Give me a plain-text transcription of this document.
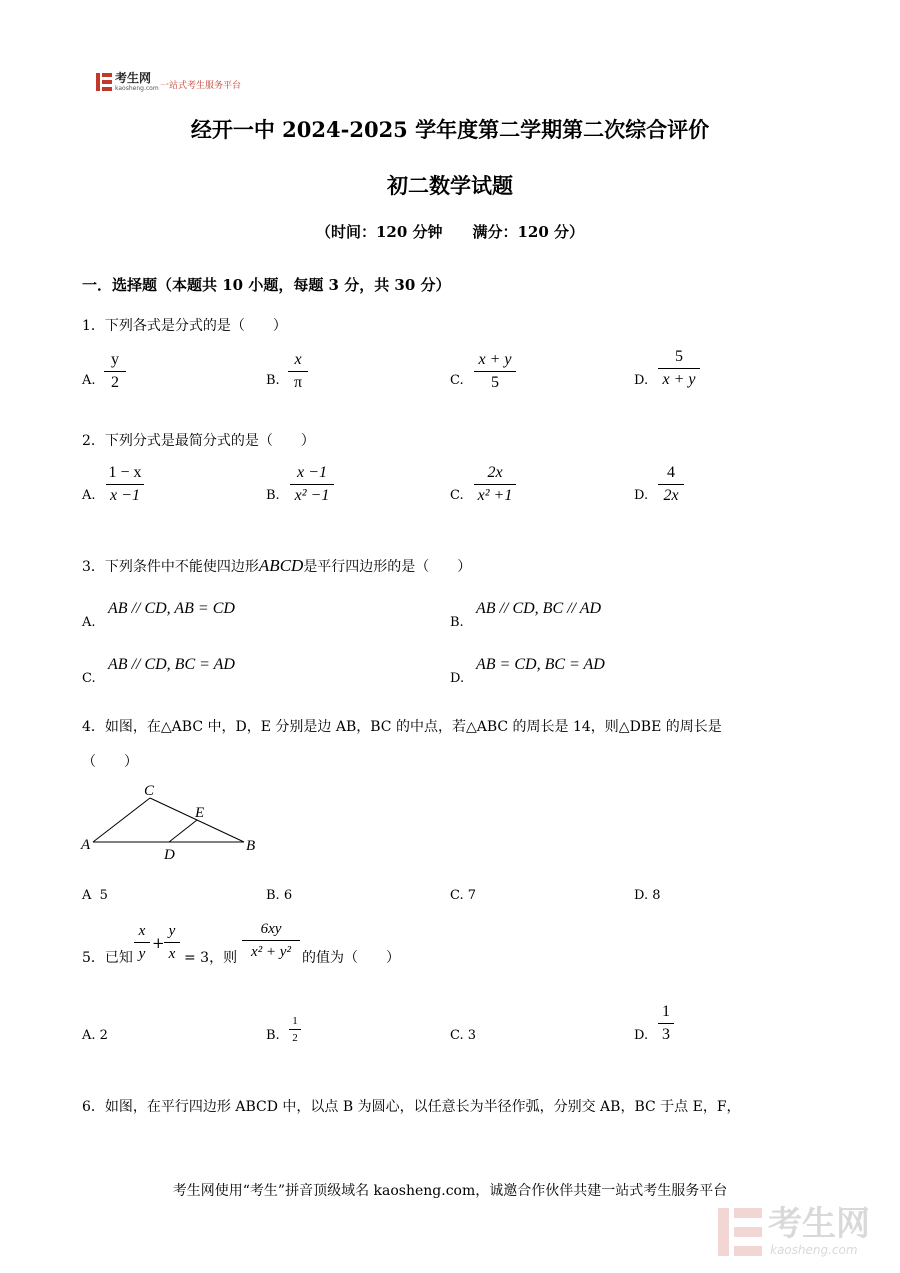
考生网
kaosheng.com 一站式考生服务平台
经开一中 2024-2025 学年度第二学期第二次综合评价
初二数学试题
（时间：120 分钟　　满分：120 分）
一．选择题（本题共 10 小题，每题 3 分，共 30 分）
1．下列各式是分式的是（　　）
A.
y
2	B.
x
π	C.
x + y
5	D.
5
x + y
2．下列分式是最简分式的是（　　）
A.
1 − x
x −1	B.
x −1
x² −1	C.
2x
x² +1	D.
4
2x
3．下列条件中不能使四边形ABCD是平行四边形的是（　　）
A.
AB // CD, AB = CD
B.
AB // CD, BC // AD
C.
AB // CD, BC = AD
D.
AB = CD, BC = AD
4．如图，在△ABC 中，D，E 分别是边 AB，BC 的中点，若△ABC 的周长是 14，则△DBE 的周长是
（　　）
A
C
E
D
B
A 5	B. 6	C. 7	D. 8
5．已知
x
y
+
y
x = 3，则
6xy
x² + y² 的值为（　　）
A. 2	B.
1
2	C. 3	D.
1
3
6．如图，在平行四边形 ABCD 中，以点 B 为圆心，以任意长为半径作弧，分别交 AB，BC 于点 E，F，
考生网使用“考生”拼音顶级域名 kaosheng.com，诚邀合作伙伴共建一站式考生服务平台
考生网
kaosheng.com
